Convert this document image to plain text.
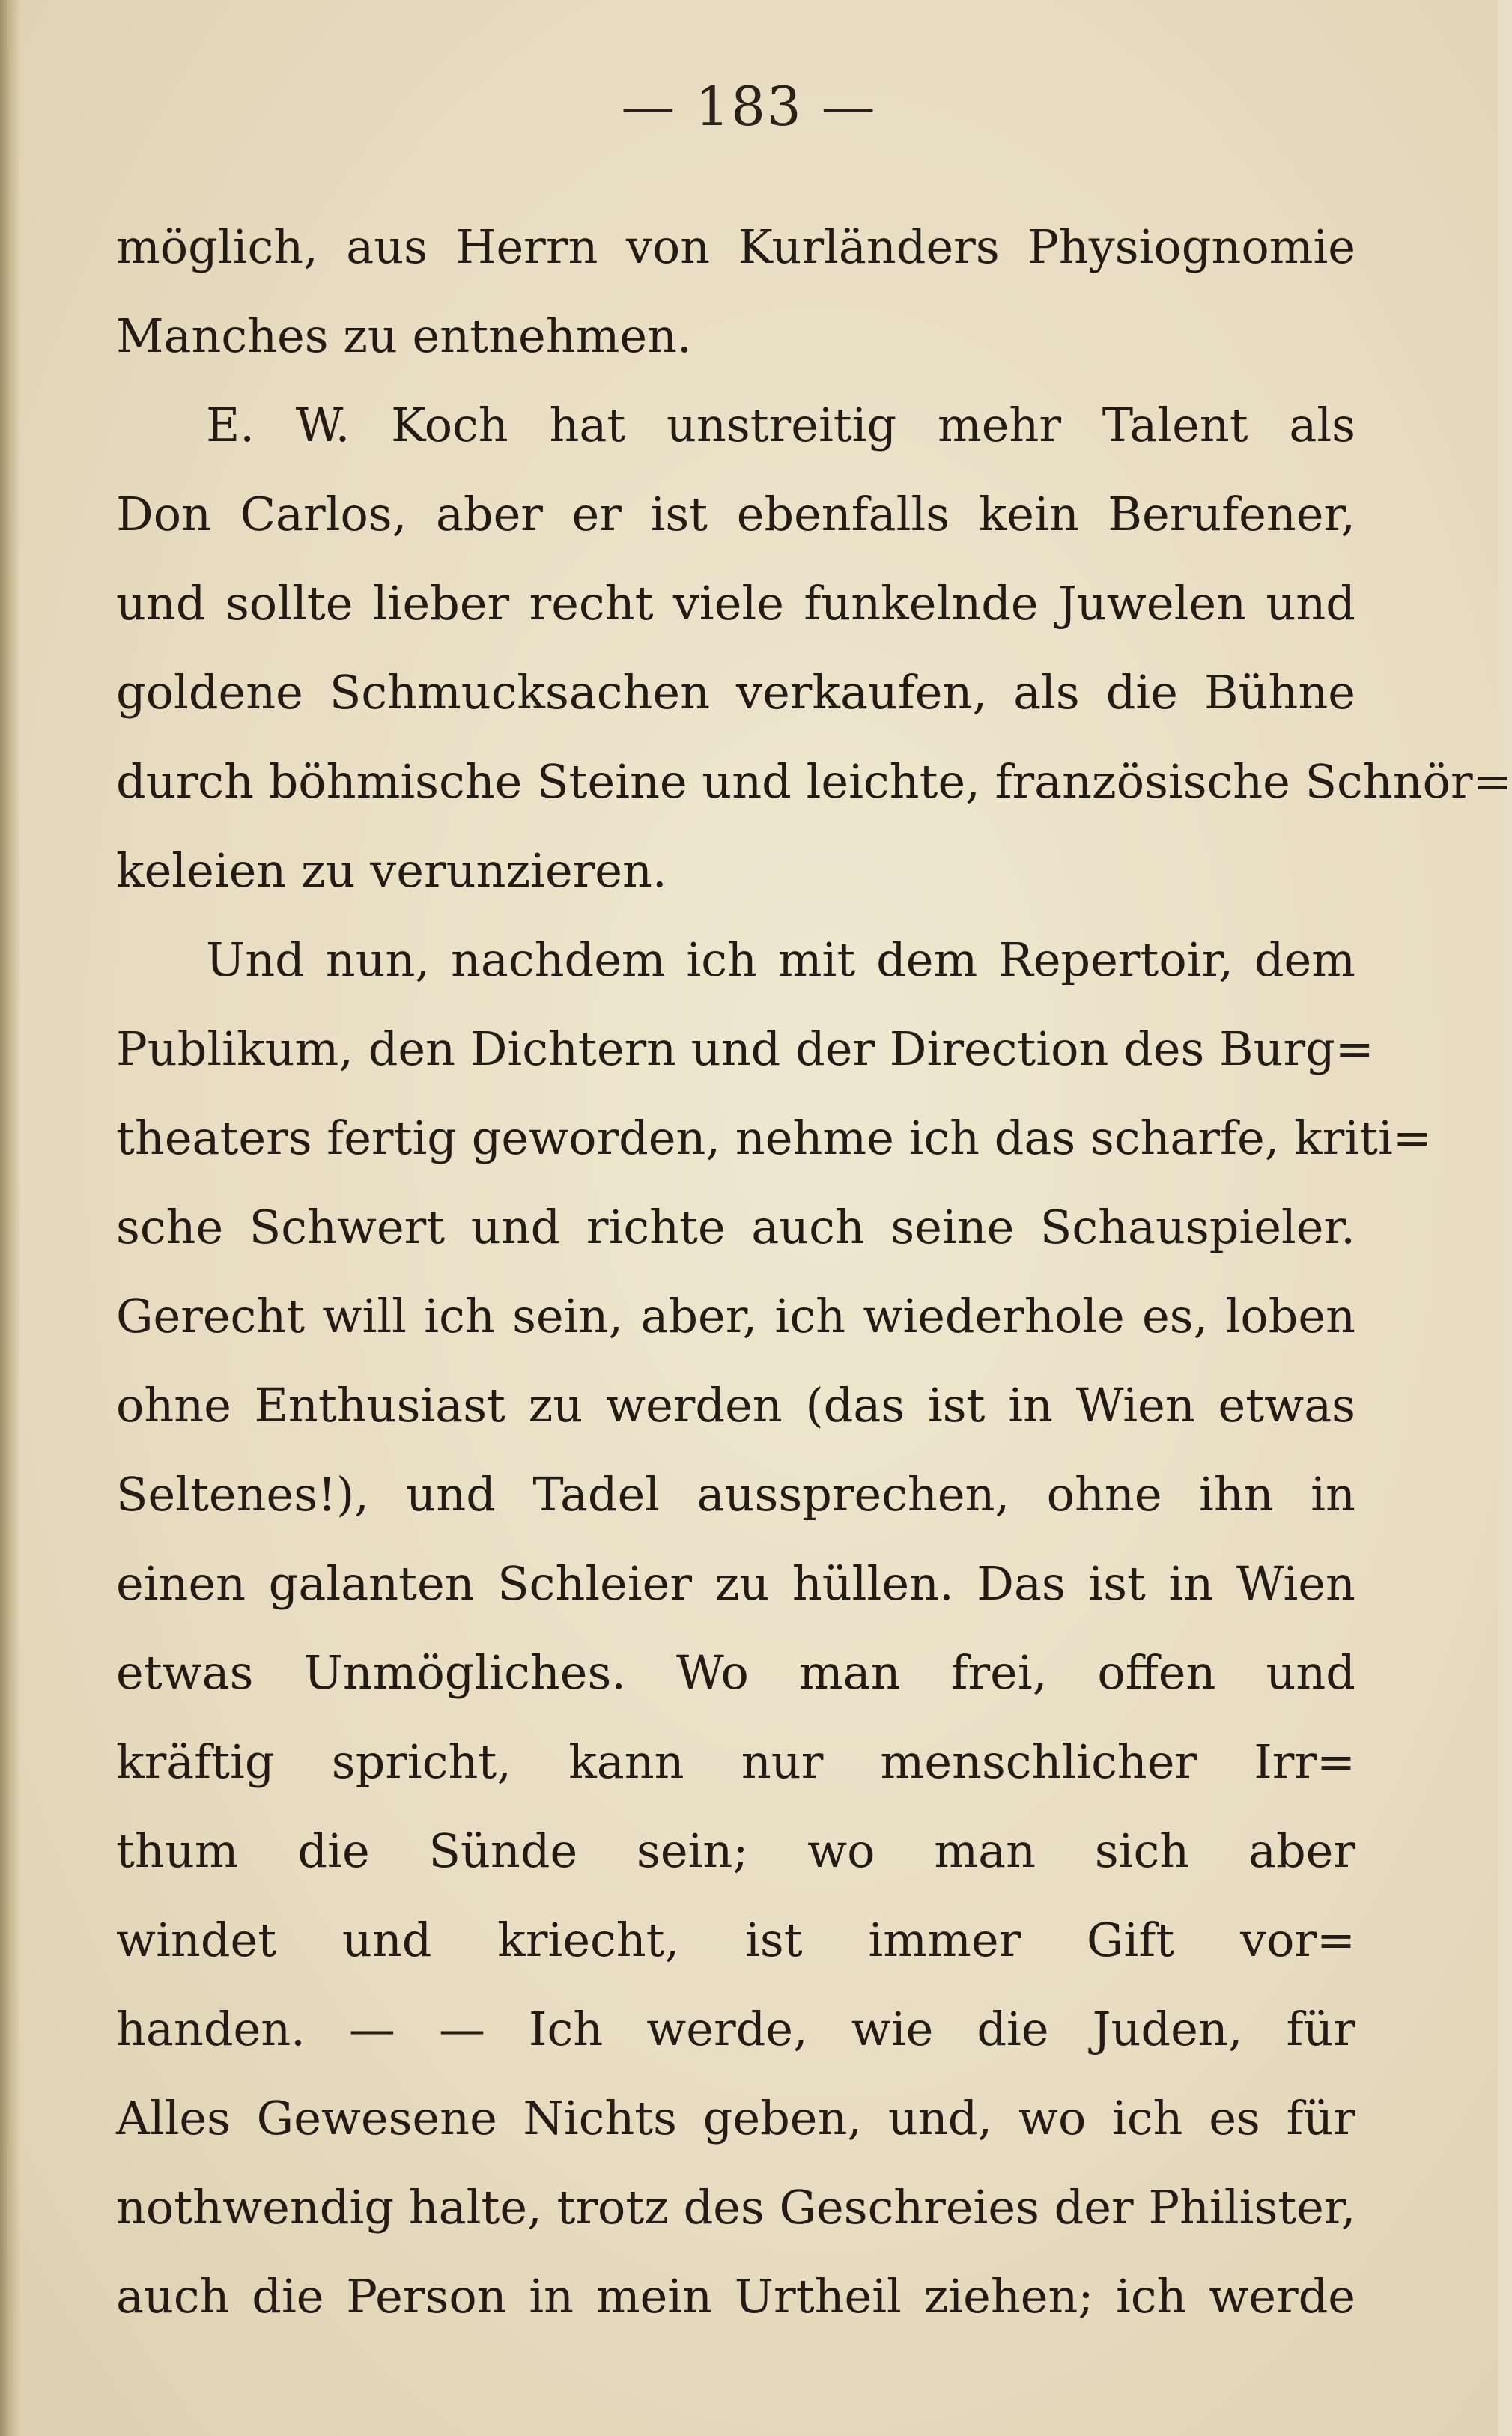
— 183 —
möglich, aus Herrn von Kurländers Physiognomie
Manches zu entnehmen.
E. W. Koch hat unstreitig mehr Talent als
Don Carlos, aber er ist ebenfalls kein Berufener,
und sollte lieber recht viele funkelnde Juwelen und
goldene Schmucksachen verkaufen, als die Bühne
durch böhmische Steine und leichte, französische Schnör=
keleien zu verunzieren.
Und nun, nachdem ich mit dem Repertoir, dem
Publikum, den Dichtern und der Direction des Burg=
theaters fertig geworden, nehme ich das scharfe, kriti=
sche Schwert und richte auch seine Schauspieler.
Gerecht will ich sein, aber, ich wiederhole es, loben
ohne Enthusiast zu werden (das ist in Wien etwas
Seltenes!), und Tadel aussprechen, ohne ihn in
einen galanten Schleier zu hüllen. Das ist in Wien
etwas Unmögliches. Wo man frei, offen und
kräftig spricht, kann nur menschlicher Irr=
thum die Sünde sein; wo man sich aber
windet und kriecht, ist immer Gift vor=
handen. — — Ich werde, wie die Juden, für
Alles Gewesene Nichts geben, und, wo ich es für
nothwendig halte, trotz des Geschreies der Philister,
auch die Person in mein Urtheil ziehen; ich werde
